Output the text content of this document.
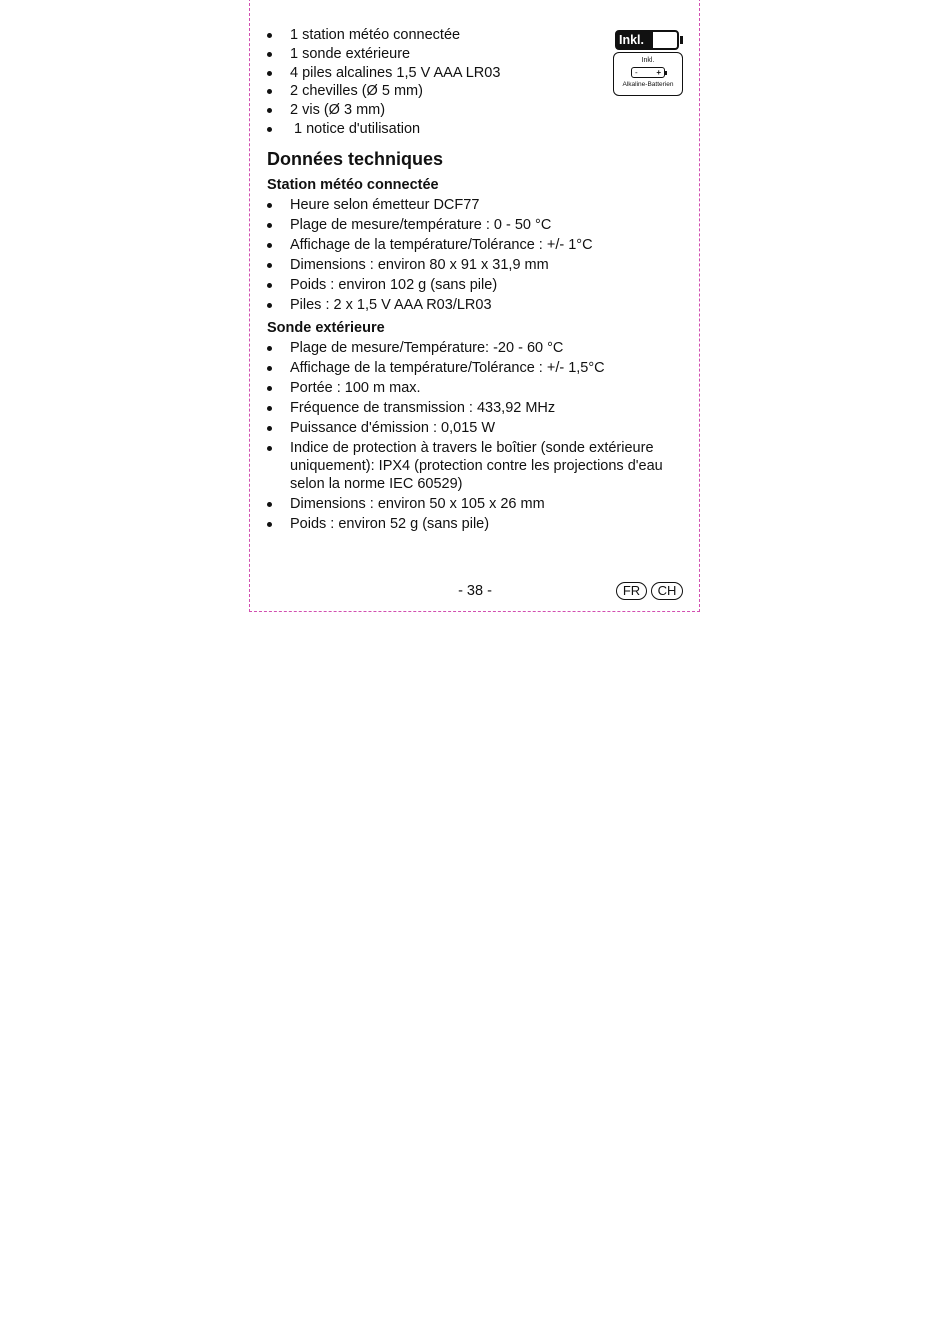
Inkl.
Inkl.
- +
Alkaline-Batterien
1 station météo connectée
1 sonde extérieure
4 piles alcalines 1,5 V AAA LR03
2 chevilles (Ø 5 mm)
2 vis (Ø 3 mm)
1 notice d'utilisation
Données techniques
Station météo connectée
Heure selon émetteur DCF77
Plage de mesure/température : 0 - 50 °C
Affichage de la température/Tolérance : +/- 1°C
Dimensions : environ 80 x 91 x 31,9 mm
Poids : environ 102 g (sans pile)
Piles : 2 x 1,5 V AAA R03/LR03
Sonde extérieure
Plage de mesure/Température: -20 - 60 °C
Affichage de la température/Tolérance : +/- 1,5°C
Portée : 100 m max.
Fréquence de transmission : 433,92 MHz
Puissance d'émission : 0,015 W
Indice de protection à travers le boîtier (sonde extérieure uniquement): IPX4 (protection contre les projections d'eau selon la norme IEC 60529)
Dimensions : environ 50 x 105 x 26 mm
Poids : environ 52 g (sans pile)
- 38 -	FR	CH
